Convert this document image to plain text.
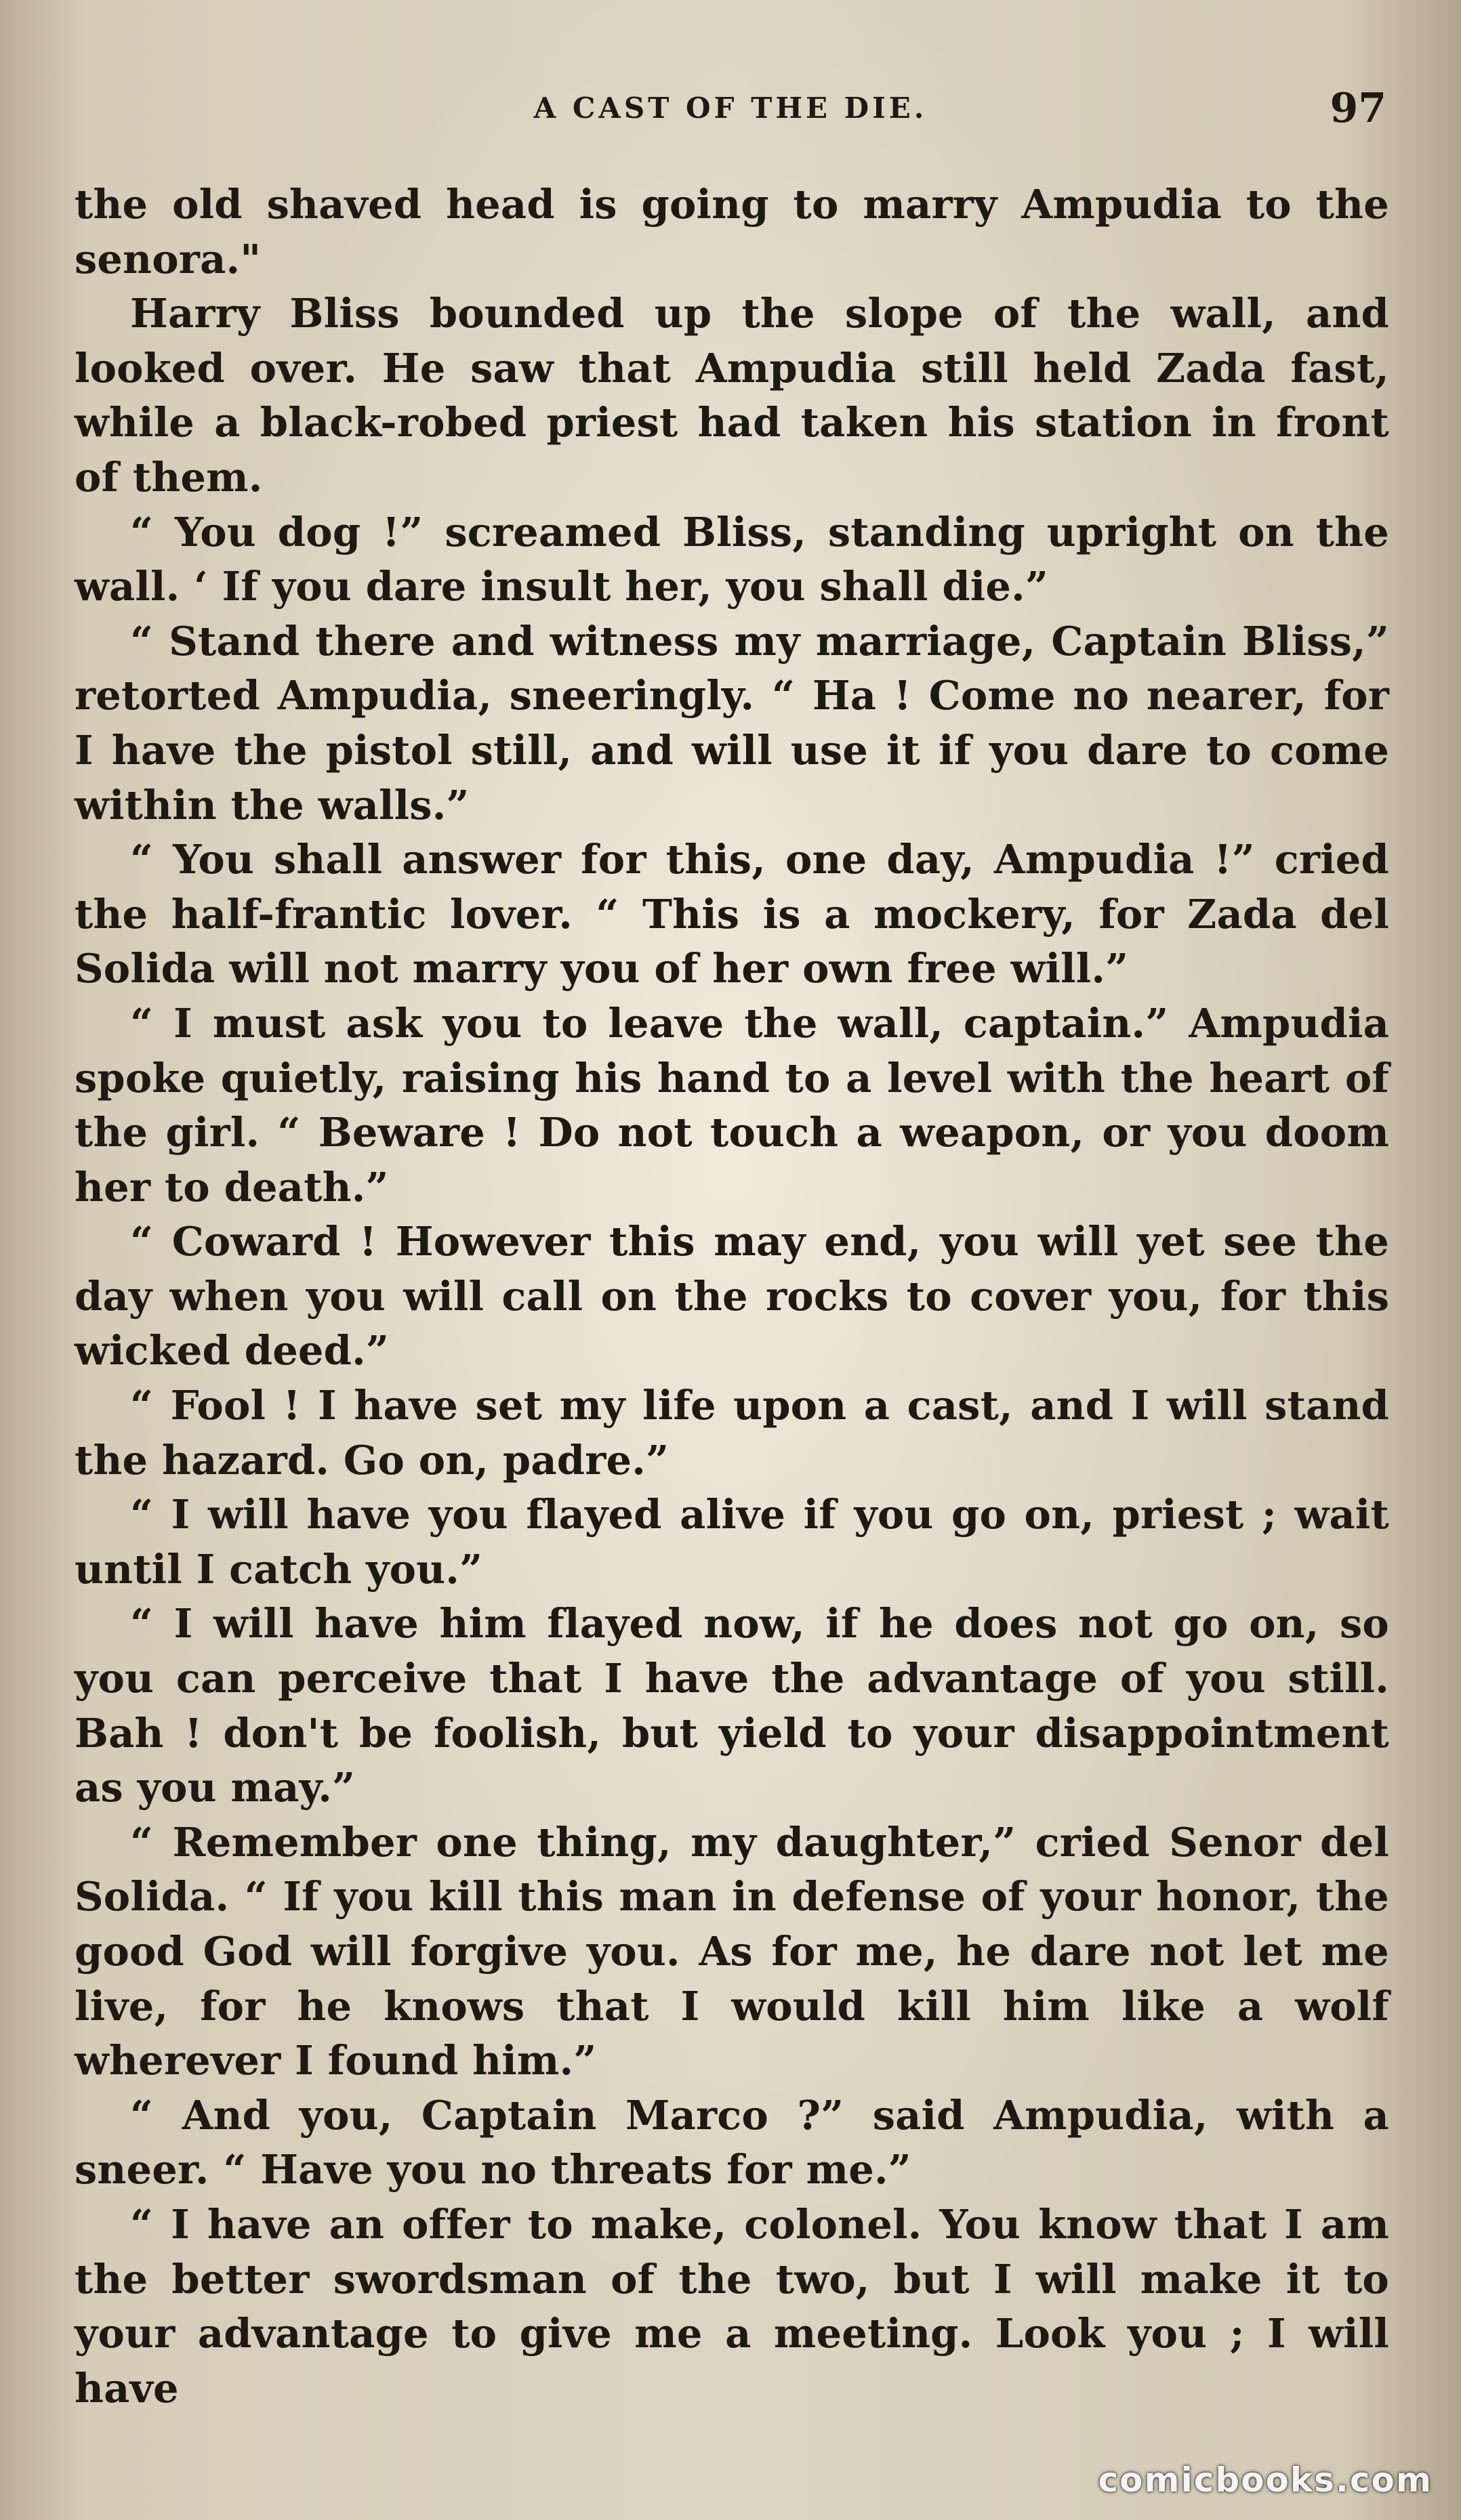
A CAST OF THE DIE.	97

the old shaved head is going to marry Ampudia to the senora."

Harry Bliss bounded up the slope of the wall, and looked over. He saw that Ampudia still held Zada fast, while a black-robed priest had taken his station in front of them.

“ You dog !” screamed Bliss, standing upright on the wall. ‘ If you dare insult her, you shall die.”

“ Stand there and witness my marriage, Captain Bliss,” retorted Ampudia, sneeringly. “ Ha ! Come no nearer, for I have the pistol still, and will use it if you dare to come within the walls.”

“ You shall answer for this, one day, Ampudia !” cried the half-frantic lover. “ This is a mockery, for Zada del Solida will not marry you of her own free will.”

“ I must ask you to leave the wall, captain.” Ampudia spoke quietly, raising his hand to a level with the heart of the girl. “ Beware ! Do not touch a weapon, or you doom her to death.”

“ Coward ! However this may end, you will yet see the day when you will call on the rocks to cover you, for this wicked deed.”

“ Fool ! I have set my life upon a cast, and I will stand the hazard. Go on, padre.”

“ I will have you flayed alive if you go on, priest ; wait until I catch you.”

“ I will have him flayed now, if he does not go on, so you can perceive that I have the advantage of you still. Bah ! don't be foolish, but yield to your disappointment as you may.”

“ Remember one thing, my daughter,” cried Senor del Solida. “ If you kill this man in defense of your honor, the good God will forgive you. As for me, he dare not let me live, for he knows that I would kill him like a wolf wherever I found him.”

“ And you, Captain Marco ?” said Ampudia, with a sneer. “ Have you no threats for me.”

“ I have an offer to make, colonel. You know that I am the better swordsman of the two, but I will make it to your advantage to give me a meeting. Look you ; I will have

comicbooks.com
